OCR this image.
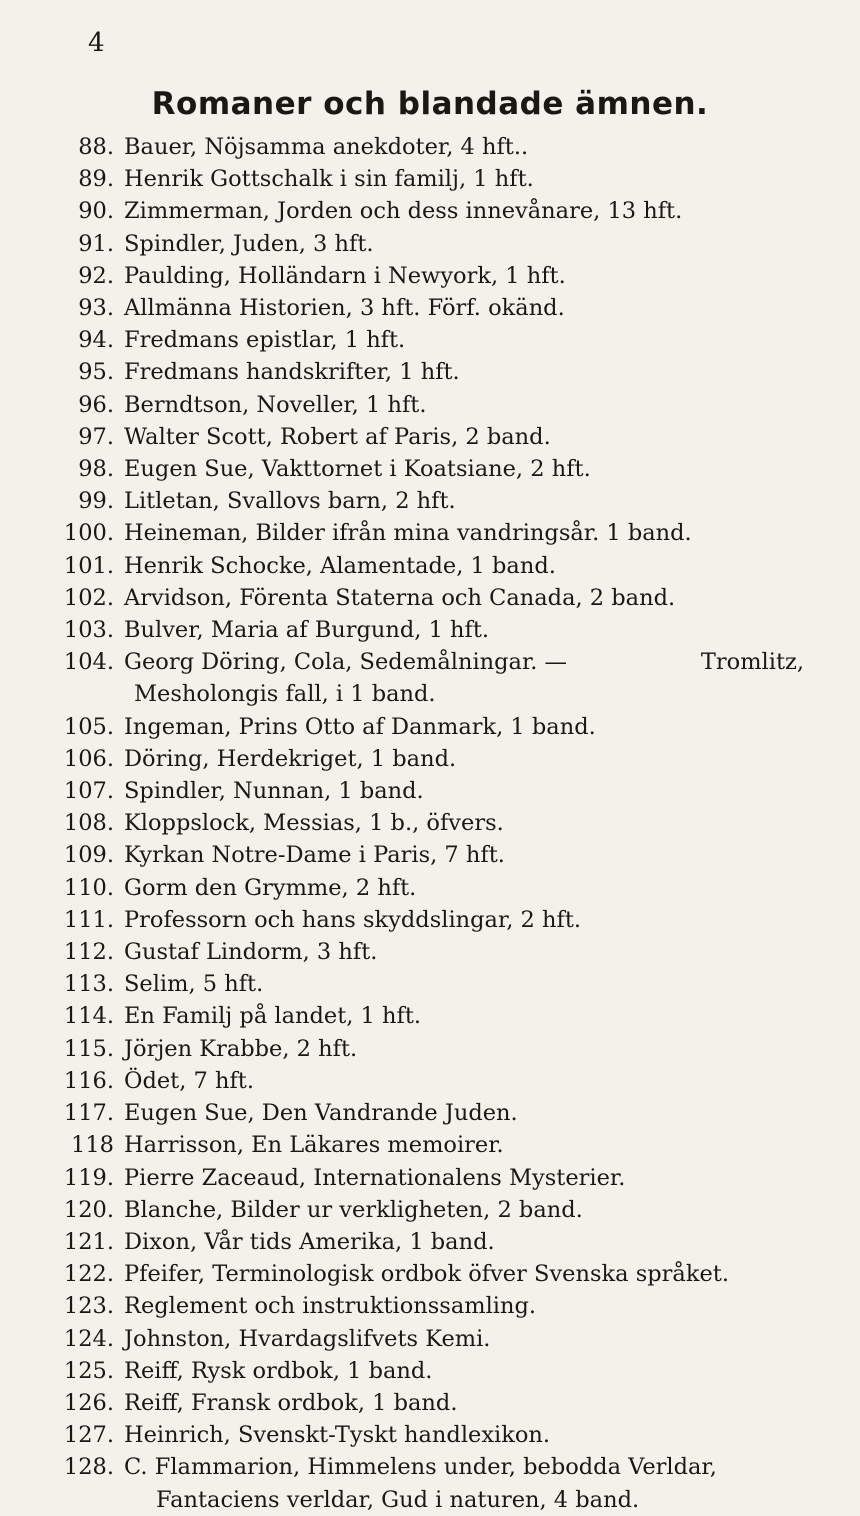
4
Romaner och blandade ämnen.
88. Bauer, Nöjsamma anekdoter, 4 hft..
89. Henrik Gottschalk i sin familj, 1 hft.
90. Zimmerman, Jorden och dess innevånare, 13 hft.
91. Spindler, Juden, 3 hft.
92. Paulding, Holländarn i Newyork, 1 hft.
93. Allmänna Historien, 3 hft. Förf. okänd.
94. Fredmans epistlar, 1 hft.
95. Fredmans handskrifter, 1 hft.
96. Berndtson, Noveller, 1 hft.
97. Walter Scott, Robert af Paris, 2 band.
98. Eugen Sue, Vakttornet i Koatsiane, 2 hft.
99. Litletan, Svallovs barn, 2 hft.
100. Heineman, Bilder ifrån mina vandringsår. 1 band.
101. Henrik Schocke, Alamentade, 1 band.
102. Arvidson, Förenta Staterna och Canada, 2 band.
103. Bulver, Maria af Burgund, 1 hft.
104. Georg Döring, Cola, Sedemålningar. —	Tromlitz,
Mesholongis fall, i 1 band.
105. Ingeman, Prins Otto af Danmark, 1 band.
106. Döring, Herdekriget, 1 band.
107. Spindler, Nunnan, 1 band.
108. Kloppslock, Messias, 1 b., öfvers.
109. Kyrkan Notre-Dame i Paris, 7 hft.
110. Gorm den Grymme, 2 hft.
111. Professorn och hans skyddslingar, 2 hft.
112. Gustaf Lindorm, 3 hft.
113. Selim, 5 hft.
114. En Familj på landet, 1 hft.
115. Jörjen Krabbe, 2 hft.
116. Ödet, 7 hft.
117. Eugen Sue, Den Vandrande Juden.
118 Harrisson, En Läkares memoirer.
119. Pierre Zaceaud, Internationalens Mysterier.
120. Blanche, Bilder ur verkligheten, 2 band.
121. Dixon, Vår tids Amerika, 1 band.
122. Pfeifer, Terminologisk ordbok öfver Svenska språket.
123. Reglement och instruktionssamling.
124. Johnston, Hvardagslifvets Kemi.
125. Reiff, Rysk ordbok, 1 band.
126. Reiff, Fransk ordbok, 1 band.
127. Heinrich, Svenskt-Tyskt handlexikon.
128. C. Flammarion, Himmelens under, bebodda Verldar,
Fantaciens verldar, Gud i naturen, 4 band.
